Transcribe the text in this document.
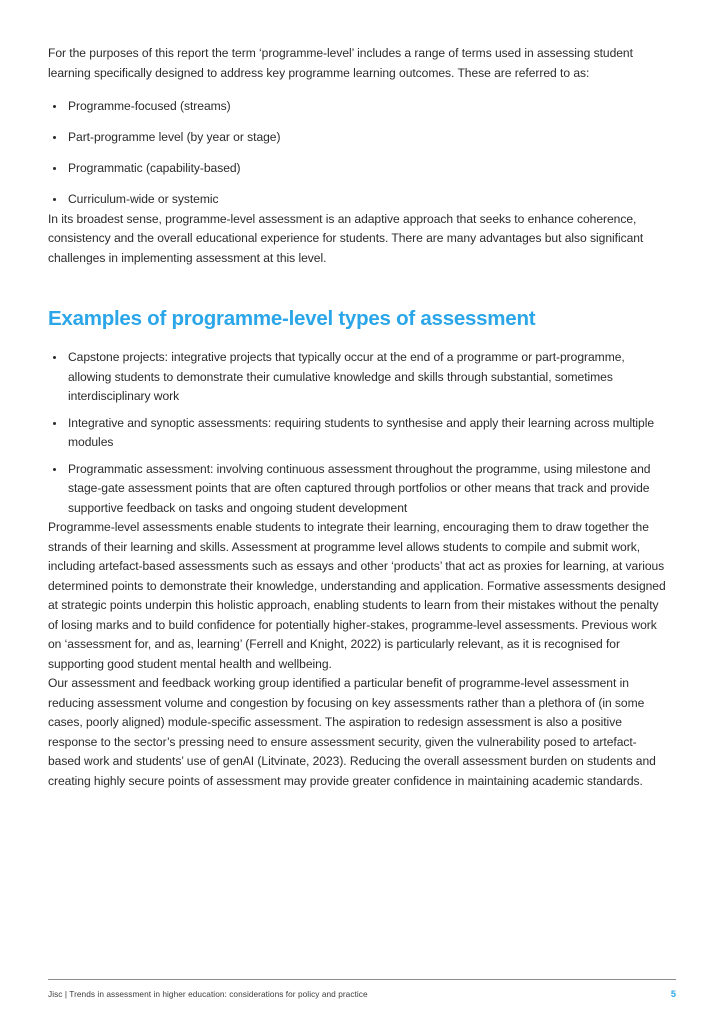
For the purposes of this report the term ‘programme-level’ includes a range of terms used in assessing student learning specifically designed to address key programme learning outcomes. These are referred to as:

Programme-focused (streams)
Part-programme level (by year or stage)
Programmatic (capability-based)
Curriculum-wide or systemic

In its broadest sense, programme-level assessment is an adaptive approach that seeks to enhance coherence, consistency and the overall educational experience for students. There are many advantages but also significant challenges in implementing assessment at this level.

Examples of programme-level types of assessment
Capstone projects: integrative projects that typically occur at the end of a programme or part-programme, allowing students to demonstrate their cumulative knowledge and skills through substantial, sometimes interdisciplinary work
Integrative and synoptic assessments: requiring students to synthesise and apply their learning across multiple modules
Programmatic assessment: involving continuous assessment throughout the programme, using milestone and stage-gate assessment points that are often captured through portfolios or other means that track and provide supportive feedback on tasks and ongoing student development

Programme-level assessments enable students to integrate their learning, encouraging them to draw together the strands of their learning and skills. Assessment at programme level allows students to compile and submit work, including artefact-based assessments such as essays and other ‘products’ that act as proxies for learning, at various determined points to demonstrate their knowledge, understanding and application. Formative assessments designed at strategic points underpin this holistic approach, enabling students to learn from their mistakes without the penalty of losing marks and to build confidence for potentially higher-stakes, programme-level assessments. Previous work on ‘assessment for, and as, learning’ (Ferrell and Knight, 2022) is particularly relevant, as it is recognised for supporting good student mental health and wellbeing.

Our assessment and feedback working group identified a particular benefit of programme-level assessment in reducing assessment volume and congestion by focusing on key assessments rather than a plethora of (in some cases, poorly aligned) module-specific assessment. The aspiration to redesign assessment is also a positive response to the sector’s pressing need to ensure assessment security, given the vulnerability posed to artefact-based work and students’ use of genAI (Litvinate, 2023). Reducing the overall assessment burden on students and creating highly secure points of assessment may provide greater confidence in maintaining academic standards.

Jisc | Trends in assessment in higher education: considerations for policy and practice	5
